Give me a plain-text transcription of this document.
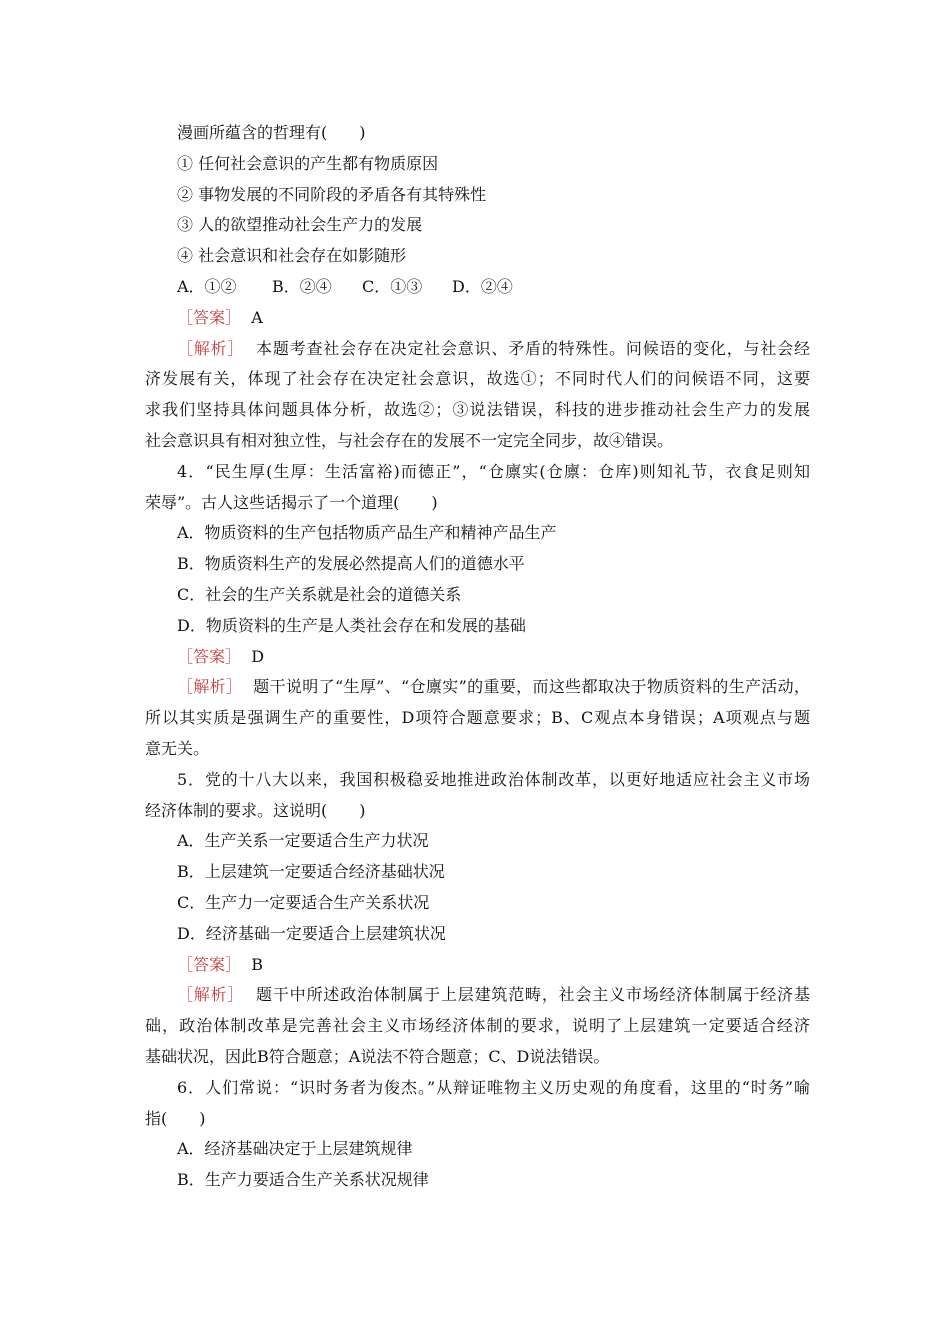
漫画所蕴含的哲理有(　　)
① 任何社会意识的产生都有物质原因
② 事物发展的不同阶段的矛盾各有其特殊性
③ 人的欲望推动社会生产力的发展
④ 社会意识和社会存在如影随形
A．①② B．②④ C．①③ D．②④
［答案］ A
［解析］ 本题考查社会存在决定社会意识、矛盾的特殊性。问候语的变化，与社会经
济发展有关，体现了社会存在决定社会意识，故选①；不同时代人们的问候语不同，这要
求我们坚持具体问题具体分析，故选②；③说法错误，科技的进步推动社会生产力的发展
社会意识具有相对独立性，与社会存在的发展不一定完全同步，故④错误。
4．“民生厚(生厚：生活富裕)而德正”，“仓廪实(仓廪：仓库)则知礼节，衣食足则知
荣辱”。古人这些话揭示了一个道理(　　)
A．物质资料的生产包括物质产品生产和精神产品生产
B．物质资料生产的发展必然提高人们的道德水平
C．社会的生产关系就是社会的道德关系
D．物质资料的生产是人类社会存在和发展的基础
［答案］ D
［解析］ 题干说明了“生厚”、“仓廪实”的重要，而这些都取决于物质资料的生产活动，
所以其实质是强调生产的重要性，D项符合题意要求；B、C观点本身错误；A项观点与题
意无关。
5．党的十八大以来，我国积极稳妥地推进政治体制改革，以更好地适应社会主义市场
经济体制的要求。这说明(　　)
A．生产关系一定要适合生产力状况
B．上层建筑一定要适合经济基础状况
C．生产力一定要适合生产关系状况
D．经济基础一定要适合上层建筑状况
［答案］ B
［解析］ 题干中所述政治体制属于上层建筑范畴，社会主义市场经济体制属于经济基
础，政治体制改革是完善社会主义市场经济体制的要求，说明了上层建筑一定要适合经济
基础状况，因此B符合题意；A说法不符合题意；C、D说法错误。
6．人们常说：“识时务者为俊杰。”从辩证唯物主义历史观的角度看，这里的“时务”喻
指(　　)
A．经济基础决定于上层建筑规律
B．生产力要适合生产关系状况规律
